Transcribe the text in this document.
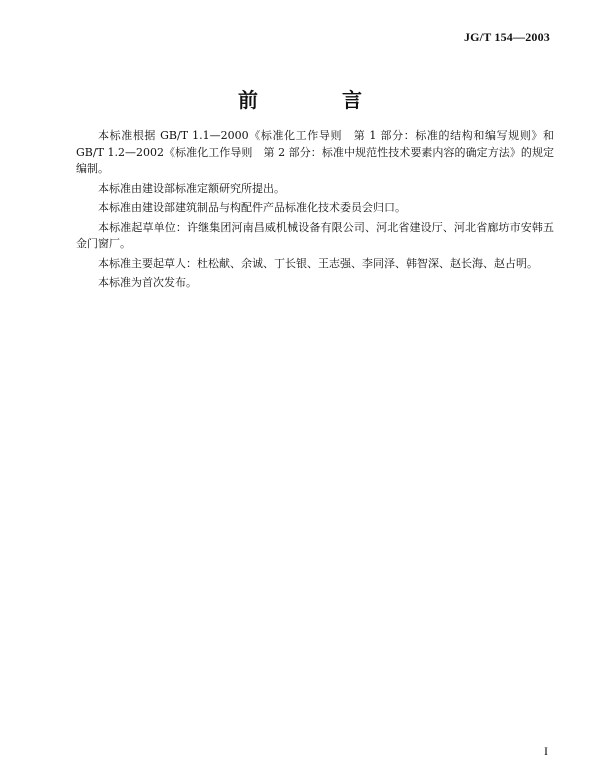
JG/T 154—2003
前　言

本标准根据 GB/T 1.1—2000《标准化工作导则　第 1 部分：标准的结构和编写规则》和 GB/T 1.2—2002《标准化工作导则　第 2 部分：标准中规范性技术要素内容的确定方法》的规定编制。

本标准由建设部标准定额研究所提出。

本标准由建设部建筑制品与构配件产品标准化技术委员会归口。

本标准起草单位：许继集团河南昌威机械设备有限公司、河北省建设厅、河北省廊坊市安韩五金门窗厂。

本标准主要起草人：杜松献、余诚、丁长银、王志强、李同泽、韩智深、赵长海、赵占明。

本标准为首次发布。

I
